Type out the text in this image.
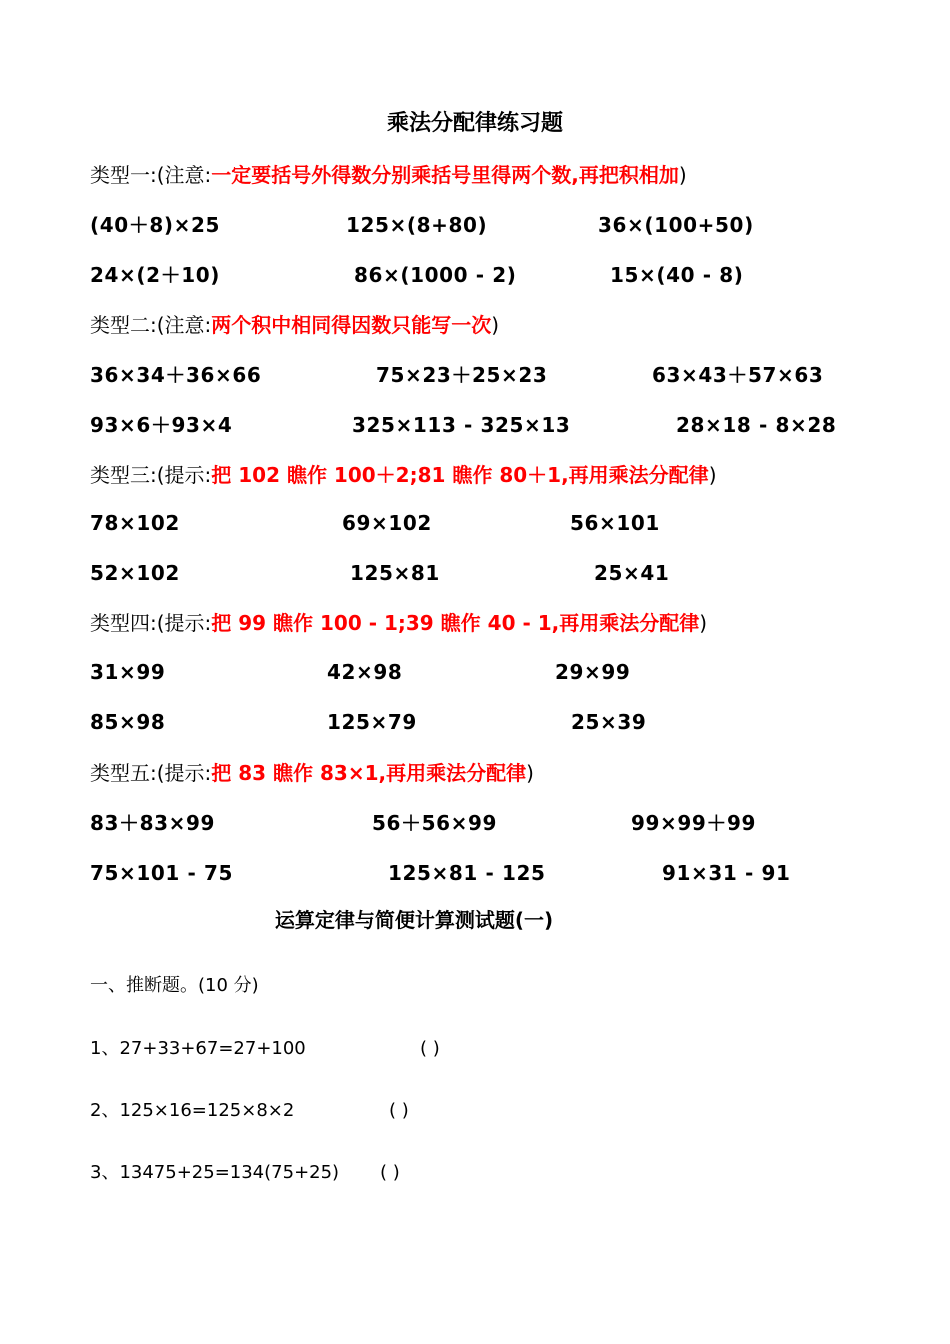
乘法分配律练习题
类型一:(注意:一定要括号外得数分别乘括号里得两个数,再把积相加)
(40＋8)×25	125×(8+80)	36×(100+50)
24×(2＋10)	86×(1000 - 2)	15×(40 - 8)
类型二:(注意:两个积中相同得因数只能写一次)
36×34＋36×66	75×23＋25×23	63×43＋57×63
93×6＋93×4	325×113 - 325×13	28×18 - 8×28
类型三:(提示:把 102 瞧作 100＋2;81 瞧作 80＋1,再用乘法分配律)
78×102	69×102	56×101
52×102	125×81	25×41
类型四:(提示:把 99 瞧作 100 - 1;39 瞧作 40 - 1,再用乘法分配律)
31×99	42×98	29×99
85×98	125×79	25×39
类型五:(提示:把 83 瞧作 83×1,再用乘法分配律)
83＋83×99	56＋56×99	99×99＋99
75×101 - 75	125×81 - 125	91×31 - 91
运算定律与简便计算测试题(一)
一、推断题。(10 分)
1、27+33+67=27+100	( )
2、125×16=125×8×2	( )
3、13475+25=134(75+25) ( )
